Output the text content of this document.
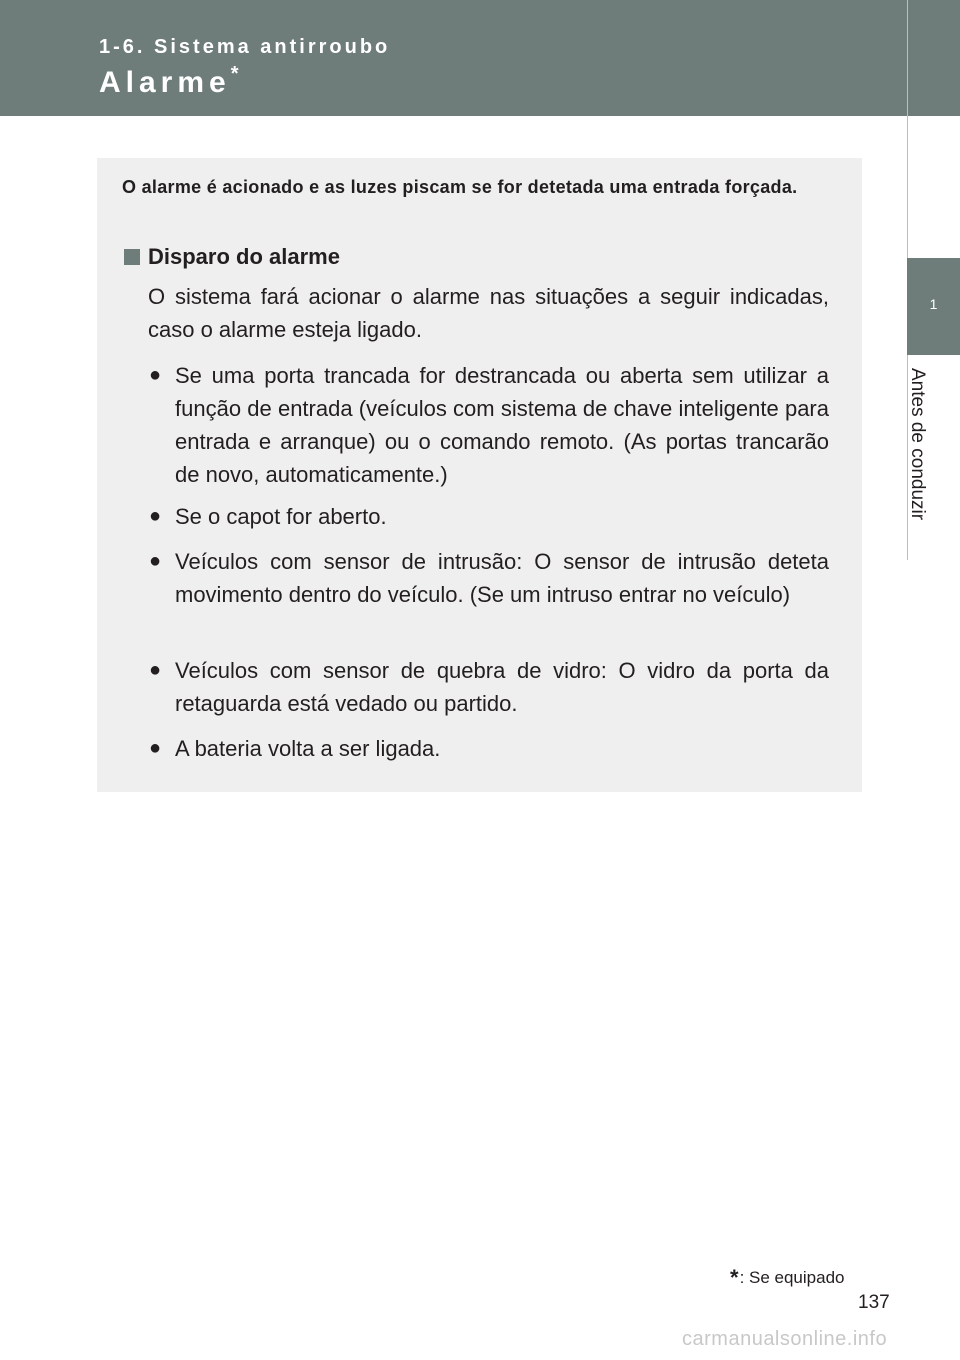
1-6. Sistema antirroubo
Alarme*
1
Antes de conduzir
O alarme é acionado e as luzes piscam se for detetada uma entrada forçada.
Disparo do alarme
O sistema fará acionar o alarme nas situações a seguir indicadas, caso o alarme esteja ligado.
● Se uma porta trancada for destrancada ou aberta sem utilizar a função de entrada (veículos com sistema de chave inteligente para entrada e arranque) ou o comando remoto. (As portas trancarão de novo, automaticamente.)
● Se o capot for aberto.
● Veículos com sensor de intrusão: O sensor de intrusão deteta movimento dentro do veículo. (Se um intruso entrar no veículo)
● Veículos com sensor de quebra de vidro: O vidro da porta da retaguarda está vedado ou partido.
● A bateria volta a ser ligada.
*: Se equipado
137
carmanualsonline.info
